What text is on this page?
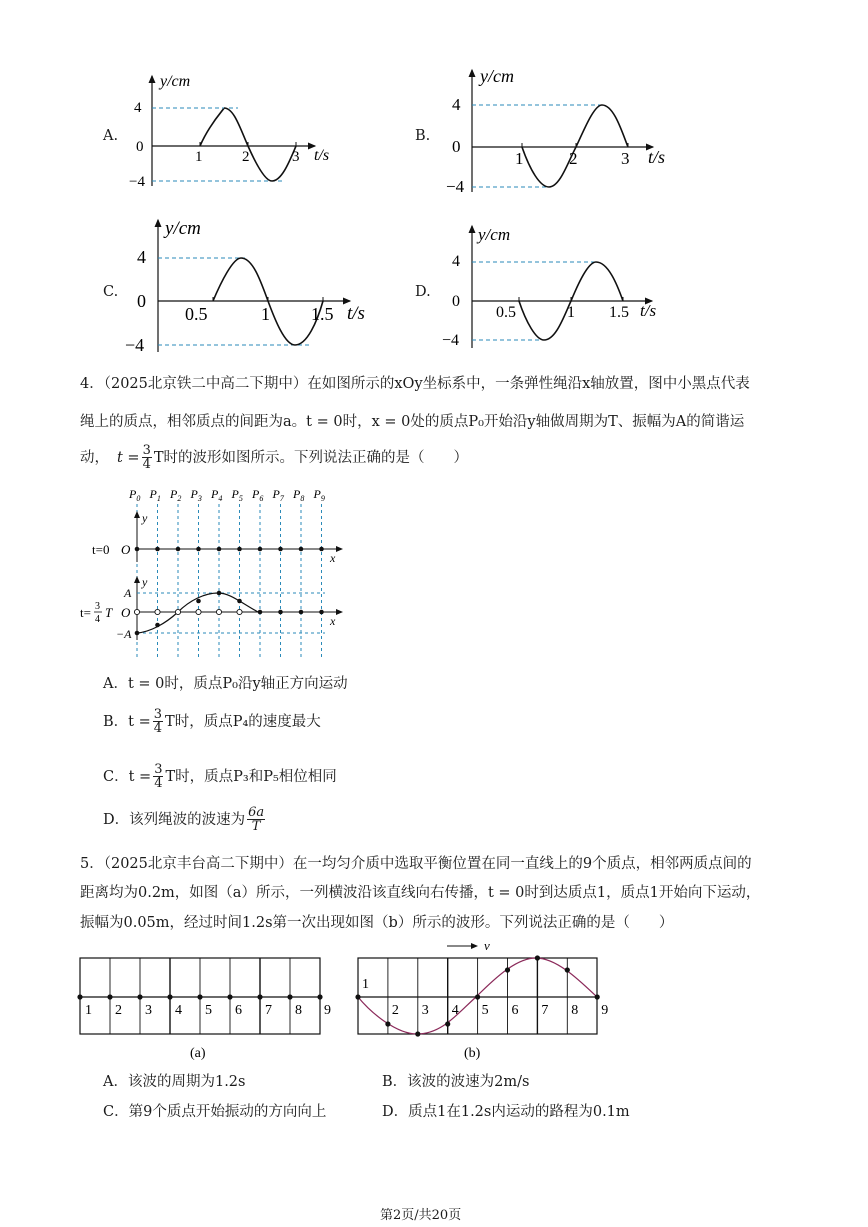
A.
y/cm
4
0
−4
1	2	3 t/s
B.
y/cm
4
0
−4
1	2	3 t/s
C.
y/cm
4
0
−4
0.5	1 1.5 t/s
D.
y/cm
4
0
−4
0.5	1 1.5 t/s
4．（2025北京铁二中高二下期中）在如图所示的xOy坐标系中，一条弹性绳沿x轴放置，图中小黑点代表
绳上的质点，相邻质点的间距为a。t = 0时，x = 0处的质点P₀开始沿y轴做周期为T、振幅为A的简谐运
动， $t = \frac{3}{4}$ T时的波形如图所示。下列说法正确的是（　　）
$P_0$ $P_1$ $P_2$ $P_3$ $P_4$ $P_5$ $P_6$ $P_7$ $P_8$ $P_9$
y
t=0 O
x
y
A
−A
t= 3
4 T O
x
A．t = 0时，质点P₀沿y轴正方向运动
B．$t = \frac{3}{4}$ T时，质点P₄的速度最大
C．$t = \frac{3}{4}$ T时，质点P₃和P₅相位相同
D．该列绳波的波速为 $\frac{6a}{T}$
5．（2025北京丰台高二下期中）在一均匀介质中选取平衡位置在同一直线上的9个质点，相邻两质点间的
距离均为0.2m，如图（a）所示，一列横波沿该直线向右传播，t = 0时到达质点1，质点1开始向下运动，
振幅为0.05m，经过时间1.2s第一次出现如图（b）所示的波形。下列说法正确的是（　　）
1 2 3 4 5 6 7 8 9
(a)
v
1
2 3 4 5 6 7 8 9
(b)
A．该波的周期为1.2s	B．该波的波速为2m/s
C．第9个质点开始振动的方向向上	D．质点1在1.2s内运动的路程为0.1m
第2页/共20页
